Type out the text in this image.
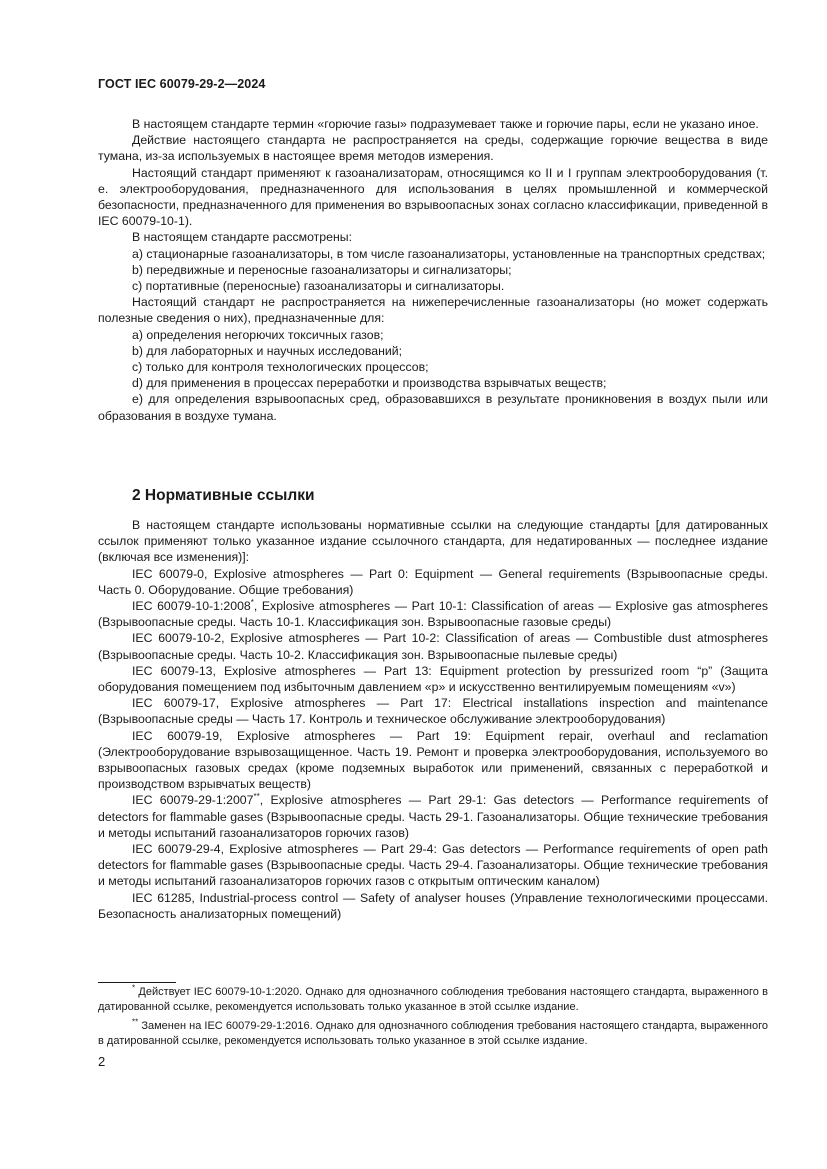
ГОСТ IEC 60079-29-2—2024

В настоящем стандарте термин «горючие газы» подразумевает также и горючие пары, если не указано иное.

Действие настоящего стандарта не распространяется на среды, содержащие горючие вещества в виде тумана, из-за используемых в настоящее время методов измерения.

Настоящий стандарт применяют к газоанализаторам, относящимся ко II и I группам электрооборудования (т. е. электрооборудования, предназначенного для использования в целях промышленной и коммерческой безопасности, предназначенного для применения во взрывоопасных зонах согласно классификации, приведенной в IEC 60079-10-1).

В настоящем стандарте рассмотрены:

a) стационарные газоанализаторы, в том числе газоанализаторы, установленные на транспортных средствах;

b) передвижные и переносные газоанализаторы и сигнализаторы;

c) портативные (переносные) газоанализаторы и сигнализаторы.

Настоящий стандарт не распространяется на нижеперечисленные газоанализаторы (но может содержать полезные сведения о них), предназначенные для:

a) определения негорючих токсичных газов;

b) для лабораторных и научных исследований;

c) только для контроля технологических процессов;

d) для применения в процессах переработки и производства взрывчатых веществ;

e) для определения взрывоопасных сред, образовавшихся в результате проникновения в воздух пыли или образования в воздухе тумана.

2 Нормативные ссылки

В настоящем стандарте использованы нормативные ссылки на следующие стандарты [для датированных ссылок применяют только указанное издание ссылочного стандарта, для недатированных — последнее издание (включая все изменения)]:

IEC 60079-0, Explosive atmospheres — Part 0: Equipment — General requirements (Взрывоопасные среды. Часть 0. Оборудование. Общие требования)

IEC 60079-10-1:2008*, Explosive atmospheres — Part 10-1: Classification of areas — Explosive gas atmospheres (Взрывоопасные среды. Часть 10-1. Классификация зон. Взрывоопасные газовые среды)

IEC 60079-10-2, Explosive atmospheres — Part 10-2: Classification of areas — Combustible dust atmospheres (Взрывоопасные среды. Часть 10-2. Классификация зон. Взрывоопасные пылевые среды)

IEC 60079-13, Explosive atmospheres — Part 13: Equipment protection by pressurized room “p” (Защита оборудования помещением под избыточным давлением «р» и искусственно вентилируемым помещениям «v»)

IEC 60079-17, Explosive atmospheres — Part 17: Electrical installations inspection and maintenance (Взрывоопасные среды — Часть 17. Контроль и техническое обслуживание электрооборудования)

IEC 60079-19, Explosive atmospheres — Part 19: Equipment repair, overhaul and reclamation (Электрооборудование взрывозащищенное. Часть 19. Ремонт и проверка электрооборудования, используемого во взрывоопасных газовых средах (кроме подземных выработок или применений, связанных с переработкой и производством взрывчатых веществ)

IEC 60079-29-1:2007**, Explosive atmospheres — Part 29-1: Gas detectors — Performance requirements of detectors for flammable gases (Взрывоопасные среды. Часть 29-1. Газоанализаторы. Общие технические требования и методы испытаний газоанализаторов горючих газов)

IEC 60079-29-4, Explosive atmospheres — Part 29-4: Gas detectors — Performance requirements of open path detectors for flammable gases (Взрывоопасные среды. Часть 29-4. Газоанализаторы. Общие технические требования и методы испытаний газоанализаторов горючих газов с открытым оптическим каналом)

IEC 61285, Industrial-process control — Safety of analyser houses (Управление технологическими процессами. Безопасность анализаторных помещений)

* Действует IEC 60079-10-1:2020. Однако для однозначного соблюдения требования настоящего стандарта, выраженного в датированной ссылке, рекомендуется использовать только указанное в этой ссылке издание.

** Заменен на IEC 60079-29-1:2016. Однако для однозначного соблюдения требования настоящего стандарта, выраженного в датированной ссылке, рекомендуется использовать только указанное в этой ссылке издание.

2
